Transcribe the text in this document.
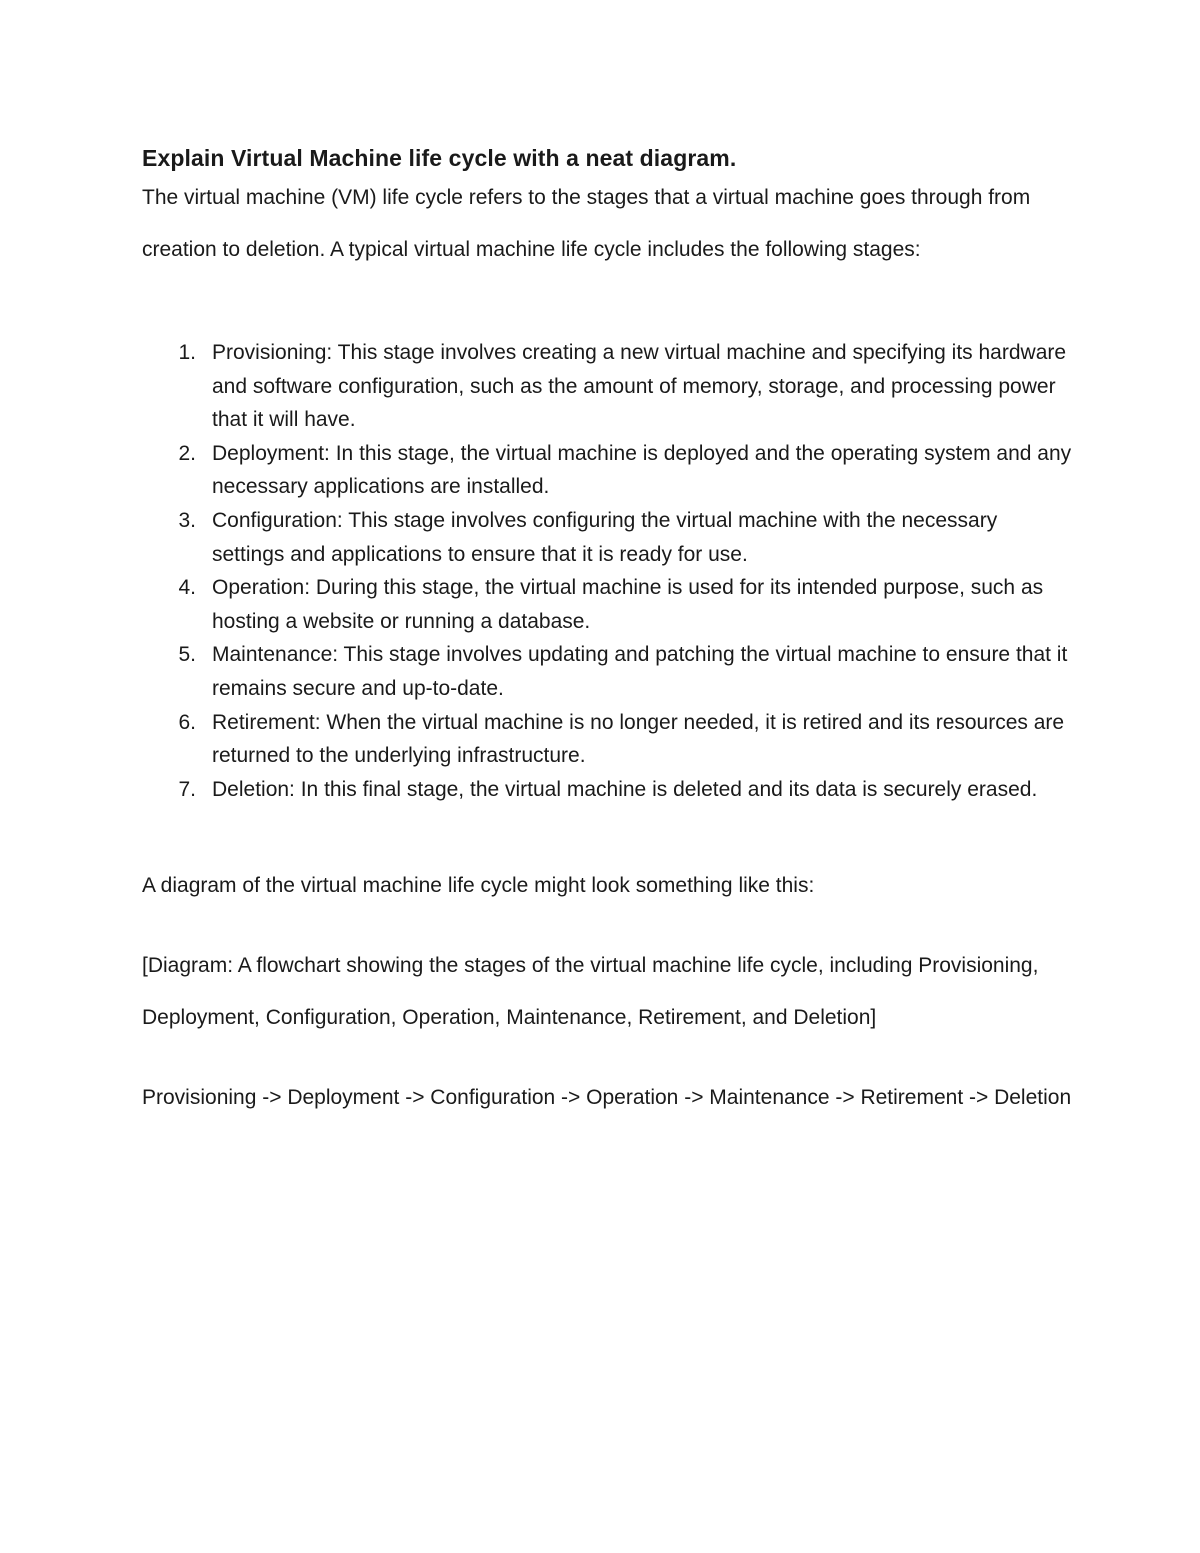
Explain Virtual Machine life cycle with a neat diagram.

The virtual machine (VM) life cycle refers to the stages that a virtual machine goes through from creation to deletion. A typical virtual machine life cycle includes the following stages:

1. Provisioning: This stage involves creating a new virtual machine and specifying its hardware and software configuration, such as the amount of memory, storage, and processing power that it will have.
2. Deployment: In this stage, the virtual machine is deployed and the operating system and any necessary applications are installed.
3. Configuration: This stage involves configuring the virtual machine with the necessary settings and applications to ensure that it is ready for use.
4. Operation: During this stage, the virtual machine is used for its intended purpose, such as hosting a website or running a database.
5. Maintenance: This stage involves updating and patching the virtual machine to ensure that it remains secure and up-to-date.
6. Retirement: When the virtual machine is no longer needed, it is retired and its resources are returned to the underlying infrastructure.
7. Deletion: In this final stage, the virtual machine is deleted and its data is securely erased.

A diagram of the virtual machine life cycle might look something like this:

[Diagram: A flowchart showing the stages of the virtual machine life cycle, including Provisioning, Deployment, Configuration, Operation, Maintenance, Retirement, and Deletion]

Provisioning -> Deployment -> Configuration -> Operation -> Maintenance -> Retirement -> Deletion
